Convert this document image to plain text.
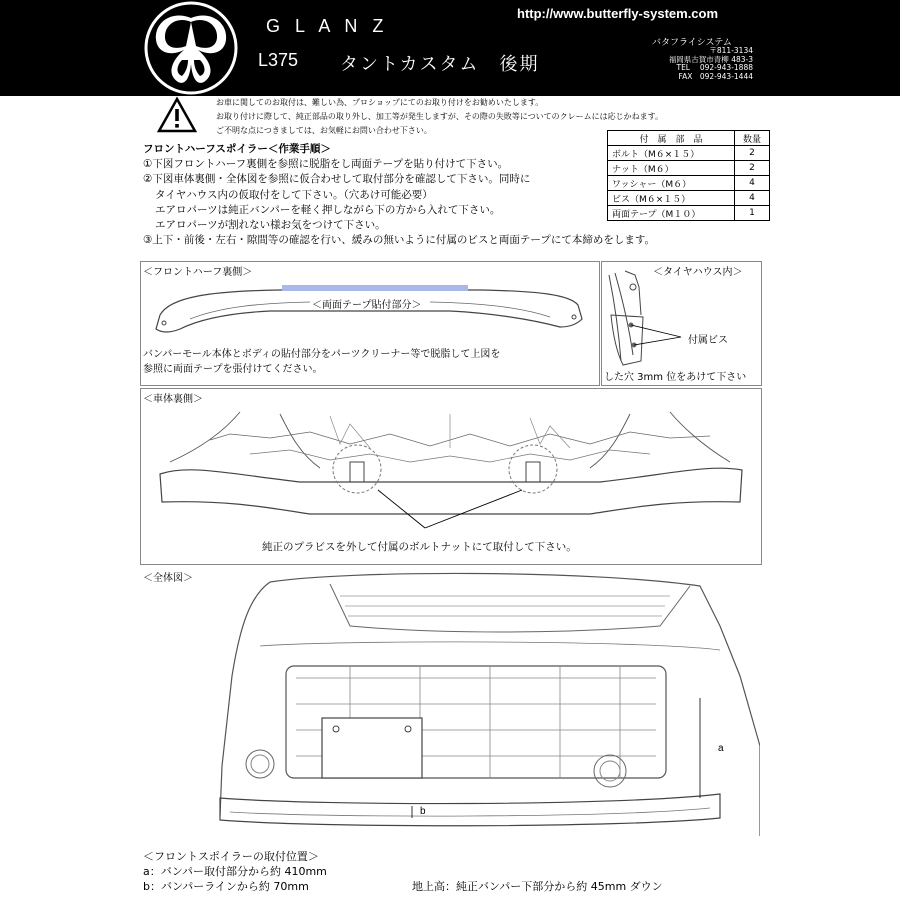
G L A N Z
L375 タントカスタム　後期
http://www.butterfly-system.com
バタフライシステム
〒811-3134
福岡県古賀市青柳 483-3
TEL　 092-943-1888
FAX　092-943-1444
お車に関してのお取付は、難しい為、プロショップにてのお取り付けをお勧めいたします。
お取り付けに際して、純正部品の取り外し、加工等が発生しますが、その際の失敗等についてのクレームには応じかねます。
ご不明な点につきましては、お気軽にお問い合わせ下さい。
付　属　部　品	数量
ボルト（M６×１５）	2
ナット（M６）	2
ワッシャー（M６）	4
ビス（M６×１５）	4
両面テープ（M１０）	1
フロントハーフスポイラー＜作業手順＞
①下図フロントハーフ裏側を参照に脱脂をし両面テープを貼り付けて下さい。
②下図車体裏側・全体図を参照に仮合わせして取付部分を確認して下さい。同時に
タイヤハウス内の仮取付をして下さい。（穴あけ可能必要）
エアロパーツは純正バンパーを軽く押しながら下の方から入れて下さい。
エアロパーツが割れない様お気をつけて下さい。
③上下・前後・左右・隙間等の確認を行い、緩みの無いように付属のビスと両面テープにて本締めをします。
＜フロントハーフ裏側＞
＜両面テープ貼付部分＞
バンパーモール本体とボディの貼付部分をパーツクリーナー等で脱脂して上図を
参照に両面テープを張付けてください。
＜タイヤハウス内＞
付属ビス
した穴 3mm 位をあけて下さい
＜車体裏側＞
純正のプラビスを外して付属のボルトナットにて取付して下さい。
＜全体図＞
a
b
＜フロントスポイラーの取付位置＞
a：バンパー取付部分から約 410mm
b：バンパーラインから約 70mm	地上高：純正バンパー下部分から約 45mm ダウン
